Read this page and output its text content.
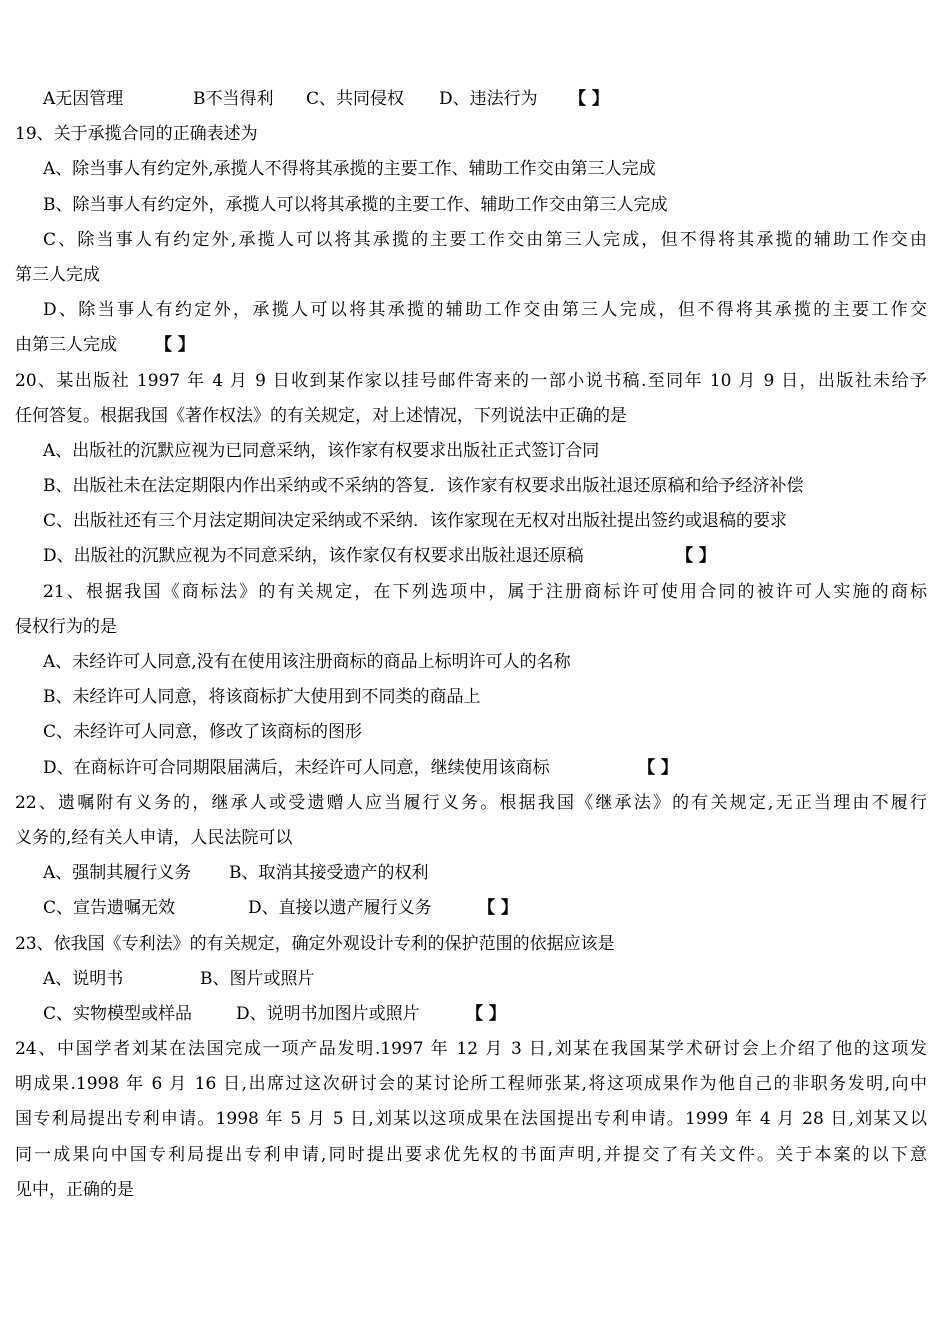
A无因管理	B不当得利 C、共同侵权 D、违法行为 【 】
19、关于承揽合同的正确表述为
A、除当事人有约定外,承揽人不得将其承揽的主要工作、辅助工作交由第三人完成
B、除当事人有约定外，承揽人可以将其承揽的主要工作、辅助工作交由第三人完成
C、除当事人有约定外,承揽人可以将其承揽的主要工作交由第三人完成，但不得将其承揽的辅助工作交由
第三人完成
D、除当事人有约定外，承揽人可以将其承揽的辅助工作交由第三人完成，但不得将其承揽的主要工作交
由第三人完成 【 】
20、某出版社 1997 年 4 月 9 日收到某作家以挂号邮件寄来的一部小说书稿.至同年 10 月 9 日，出版社未给予
任何答复。根据我国《著作权法》的有关规定，对上述情况，下列说法中正确的是
A、出版社的沉默应视为已同意采纳，该作家有权要求出版社正式签订合同
B、出版社未在法定期限内作出采纳或不采纳的答复．该作家有权要求出版社退还原稿和给予经济补偿
C、出版社还有三个月法定期间决定采纳或不采纳．该作家现在无权对出版社提出签约或退稿的要求
D、出版社的沉默应视为不同意采纳，该作家仅有权要求出版社退还原稿	【 】
21、根据我国《商标法》的有关规定，在下列选项中，属于注册商标许可使用合同的被许可人实施的商标
侵权行为的是
A、未经许可人同意,没有在使用该注册商标的商品上标明许可人的名称
B、未经许可人同意，将该商标扩大使用到不同类的商品上
C、未经许可人同意，修改了该商标的图形
D、在商标许可合同期限届满后，未经许可人同意，继续使用该商标	【 】
22、遗嘱附有义务的，继承人或受遗赠人应当履行义务。根据我国《继承法》的有关规定,无正当理由不履行
义务的,经有关人申请，人民法院可以
A、强制其履行义务 B、取消其接受遗产的权利
C、宣告遗嘱无效	D、直接以遗产履行义务	【 】
23、依我国《专利法》的有关规定，确定外观设计专利的保护范围的依据应该是
A、说明书	B、图片或照片
C、实物模型或样品	D、说明书加图片或照片	【 】
24、中国学者刘某在法国完成一项产品发明.1997 年 12 月 3 日,刘某在我国某学术研讨会上介绍了他的这项发
明成果.1998 年 6 月 16 日,出席过这次研讨会的某讨论所工程师张某,将这项成果作为他自己的非职务发明,向中
国专利局提出专利申请。1998 年 5 月 5 日,刘某以这项成果在法国提出专利申请。1999 年 4 月 28 日,刘某又以
同一成果向中国专利局提出专利申请,同时提出要求优先权的书面声明,并提交了有关文件。关于本案的以下意
见中，正确的是
